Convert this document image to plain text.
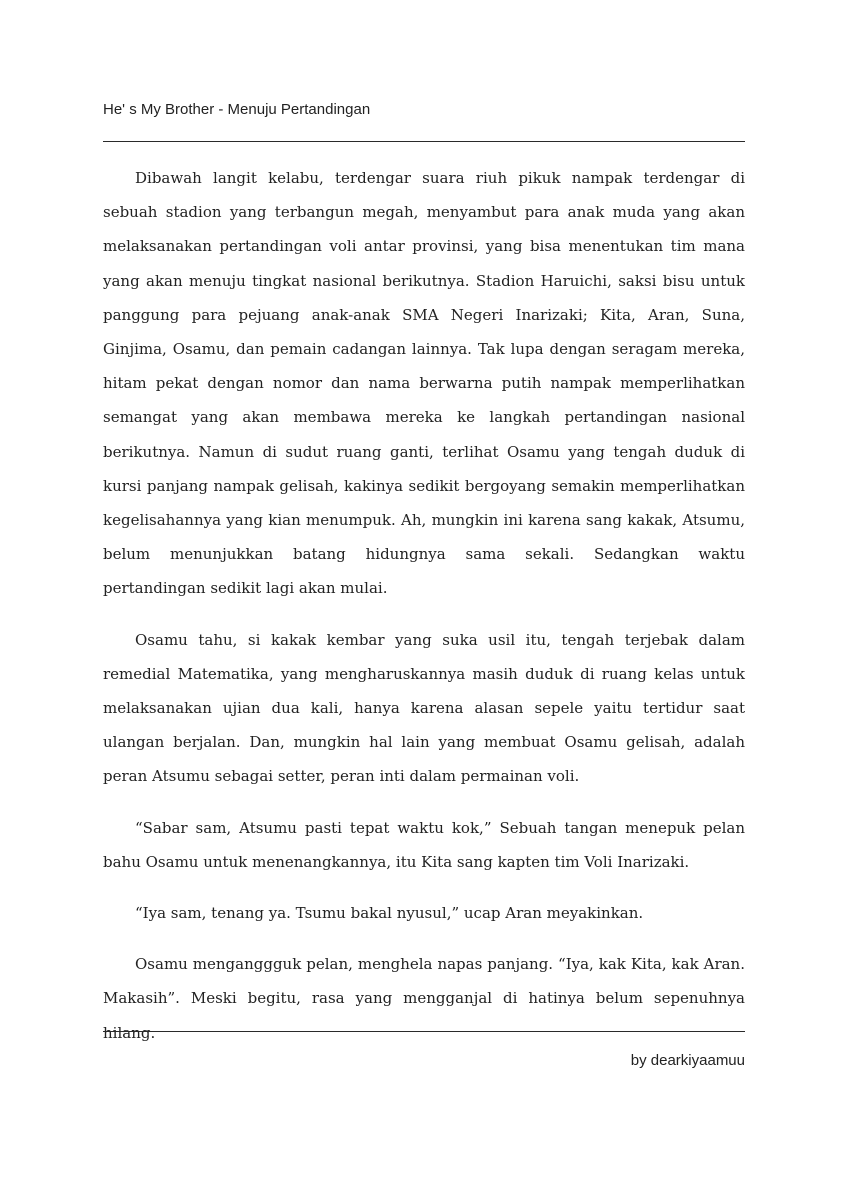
He' s My Brother - Menuju Pertandingan

Dibawah langit kelabu, terdengar suara riuh pikuk nampak terdengar di sebuah stadion yang terbangun megah, menyambut para anak muda yang akan melaksanakan pertandingan voli antar provinsi, yang bisa menentukan tim mana yang akan menuju tingkat nasional berikutnya. Stadion Haruichi, saksi bisu untuk panggung para pejuang anak-anak SMA Negeri Inarizaki; Kita, Aran, Suna, Ginjima, Osamu, dan pemain cadangan lainnya. Tak lupa dengan seragam mereka, hitam pekat dengan nomor dan nama berwarna putih nampak memperlihatkan semangat yang akan membawa mereka ke langkah pertandingan nasional berikutnya. Namun di sudut ruang ganti, terlihat Osamu yang tengah duduk di kursi panjang nampak gelisah, kakinya sedikit bergoyang semakin memperlihatkan kegelisahannya yang kian menumpuk. Ah, mungkin ini karena sang kakak, Atsumu, belum menunjukkan batang hidungnya sama sekali. Sedangkan waktu pertandingan sedikit lagi akan mulai.

Osamu tahu, si kakak kembar yang suka usil itu, tengah terjebak dalam remedial Matematika, yang mengharuskannya masih duduk di ruang kelas untuk melaksanakan ujian dua kali, hanya karena alasan sepele yaitu tertidur saat ulangan berjalan. Dan, mungkin hal lain yang membuat Osamu gelisah, adalah peran Atsumu sebagai setter, peran inti dalam permainan voli.

“Sabar sam, Atsumu pasti tepat waktu kok,” Sebuah tangan menepuk pelan bahu Osamu untuk menenangkannya, itu Kita sang kapten tim Voli Inarizaki.

“Iya sam, tenang ya. Tsumu bakal nyusul,” ucap Aran meyakinkan.

Osamu menganggguk pelan, menghela napas panjang. “Iya, kak Kita, kak Aran. Makasih”. Meski begitu, rasa yang mengganjal di hatinya belum sepenuhnya hilang.

by dearkiyaamuu
